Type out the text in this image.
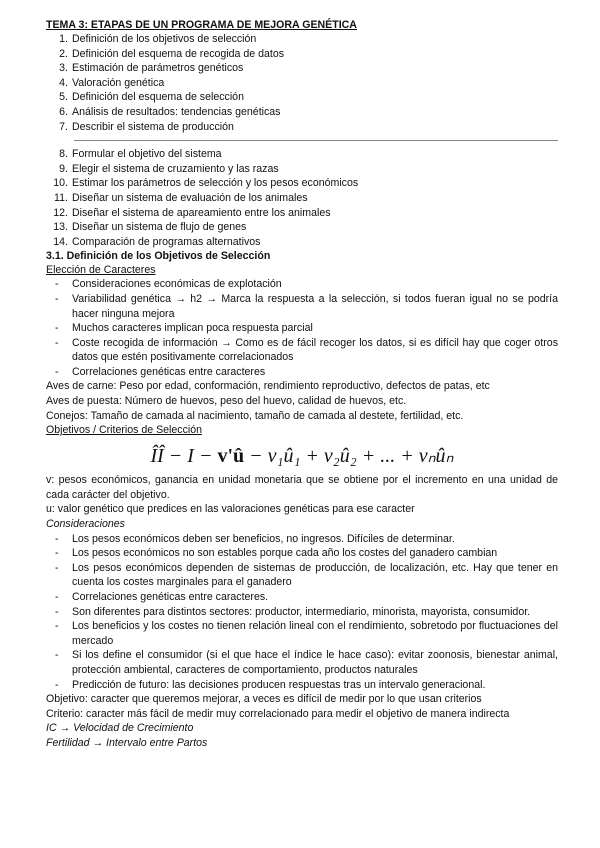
TEMA 3: ETAPAS DE UN PROGRAMA DE MEJORA GENÉTICA
1. Definición de los objetivos de selección
2. Definición del esquema de recogida de datos
3. Estimación de parámetros genéticos
4. Valoración genética
5. Definición del esquema de selección
6. Análisis de resultados: tendencias genéticas
7. Describir el sistema de producción
8. Formular el objetivo del sistema
9. Elegir el sistema de cruzamiento y las razas
10. Estimar los parámetros de selección y los pesos económicos
11. Diseñar un sistema de evaluación de los animales
12. Diseñar el sistema de apareamiento entre los animales
13. Diseñar un sistema de flujo de genes
14. Comparación de programas alternativos
3.1. Definición de los Objetivos de Selección
Elección de Caracteres
- Consideraciones económicas de explotación
- Variabilidad genética → h2 → Marca la respuesta a la selección, si todos fueran igual no se podría hacer ninguna mejora
- Muchos caracteres implican poca respuesta parcial
- Coste recogida de información → Como es de fácil recoger los datos, si es difícil hay que coger otros datos que estén positivamente correlacionados
- Correlaciones genéticas entre caracteres
Aves de carne: Peso por edad, conformación, rendimiento reproductivo, defectos de patas, etc
Aves de puesta: Número de huevos, peso del huevo, calidad de huevos, etc.
Conejos: Tamaño de camada al nacimiento, tamaño de camada al destete, fertilidad, etc.
Objetivos / Criterios de Selección
ÎÎ − I − v'û − v₁û₁ + v₂û₂ + ... + vₙûₙ
v: pesos económicos, ganancia en unidad monetaria que se obtiene por el incremento en una unidad de cada carácter del objetivo.
u: valor genético que predices en las valoraciones genéticas para ese caracter
Consideraciones
- Los pesos económicos deben ser beneficios, no ingresos. Difíciles de determinar.
- Los pesos económicos no son estables porque cada año los costes del ganadero cambian
- Los pesos económicos dependen de sistemas de producción, de localización, etc. Hay que tener en cuenta los costes marginales para el ganadero
- Correlaciones genéticas entre caracteres.
- Son diferentes para distintos sectores: productor, intermediario, minorista, mayorista, consumidor.
- Los beneficios y los costes no tienen relación lineal con el rendimiento, sobretodo por fluctuaciones del mercado
- Si los define el consumidor (si el que hace el índice le hace caso): evitar zoonosis, bienestar animal, protección ambiental, caracteres de comportamiento, productos naturales
- Predicción de futuro: las decisiones producen respuestas tras un intervalo generacional.
Objetivo: caracter que queremos mejorar, a veces es difícil de medir por lo que usan criterios
Criterio: caracter más fácil de medir muy correlacionado para medir el objetivo de manera indirecta
IC → Velocidad de Crecimiento
Fertilidad → Intervalo entre Partos
